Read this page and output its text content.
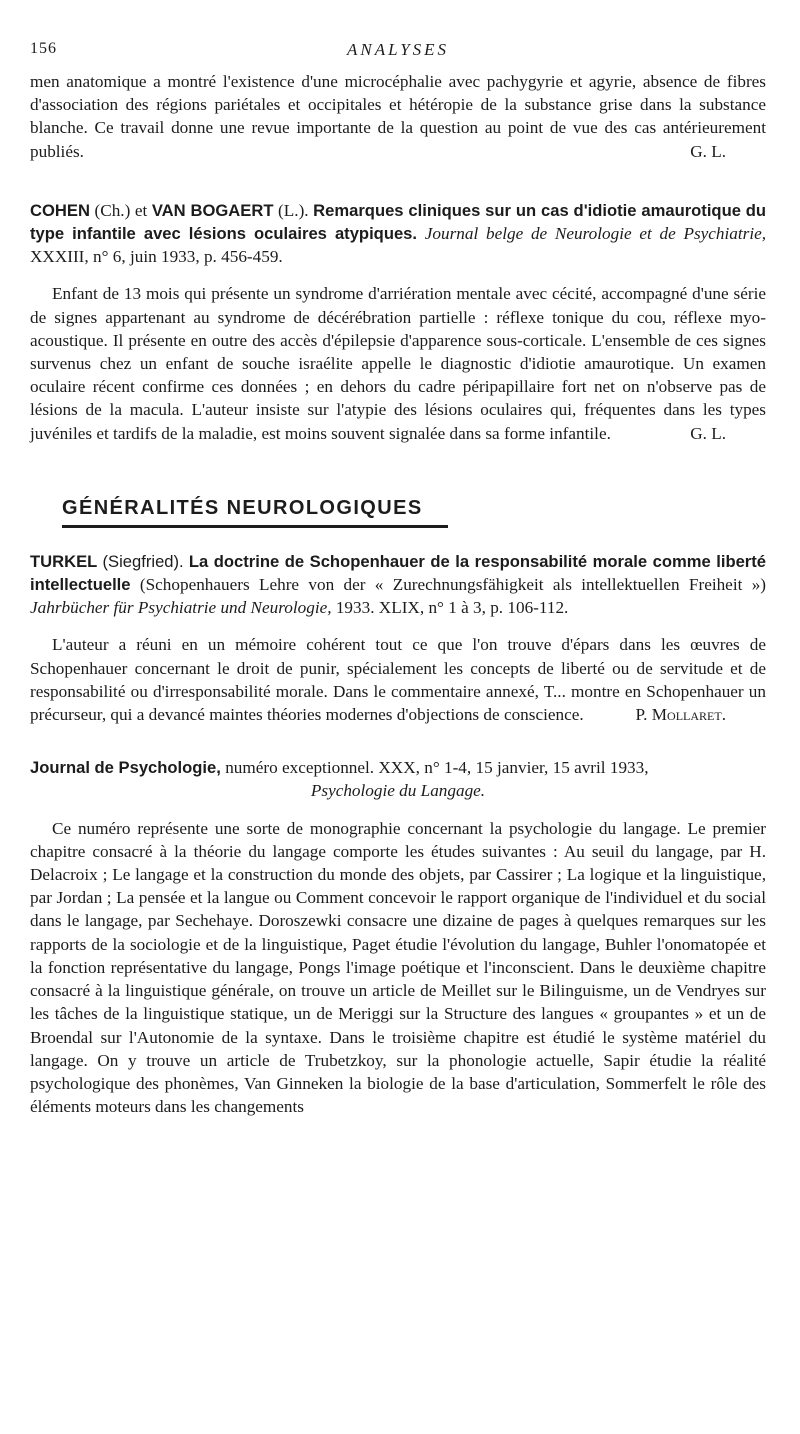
156	ANALYSES

men anatomique a montré l'existence d'une microcéphalie avec pachygyrie et agyrie, absence de fibres d'association des régions pariétales et occipitales et hétéropie de la substance grise dans la substance blanche. Ce travail donne une revue importante de la question au point de vue des cas antérieurement publiés.	G. L.

COHEN (Ch.) et VAN BOGAERT (L.). Remarques cliniques sur un cas d'idiotie amaurotique du type infantile avec lésions oculaires atypiques. Journal belge de Neurologie et de Psychiatrie, XXXIII, n° 6, juin 1933, p. 456-459.

Enfant de 13 mois qui présente un syndrome d'arriération mentale avec cécité, accompagné d'une série de signes appartenant au syndrome de décérébration partielle : réflexe tonique du cou, réflexe myo-acoustique. Il présente en outre des accès d'épilepsie d'apparence sous-corticale. L'ensemble de ces signes survenus chez un enfant de souche israélite appelle le diagnostic d'idiotie amaurotique. Un examen oculaire récent confirme ces données ; en dehors du cadre péripapillaire fort net on n'observe pas de lésions de la macula. L'auteur insiste sur l'atypie des lésions oculaires qui, fréquentes dans les types juvéniles et tardifs de la maladie, est moins souvent signalée dans sa forme infantile.	G. L.

GÉNÉRALITÉS NEUROLOGIQUES

TURKEL (Siegfried). La doctrine de Schopenhauer de la responsabilité morale comme liberté intellectuelle (Schopenhauers Lehre von der « Zurechnungsfähigkeit als intellektuellen Freiheit ») Jahrbücher für Psychiatrie und Neurologie, 1933. XLIX, n° 1 à 3, p. 106-112.

L'auteur a réuni en un mémoire cohérent tout ce que l'on trouve d'épars dans les œuvres de Schopenhauer concernant le droit de punir, spécialement les concepts de liberté ou de servitude et de responsabilité ou d'irresponsabilité morale. Dans le commentaire annexé, T... montre en Schopenhauer un précurseur, qui a devancé maintes théories modernes d'objections de conscience.	P. Mollaret.

Journal de Psychologie, numéro exceptionnel. XXX, n° 1-4, 15 janvier, 15 avril 1933,

Psychologie du Langage.

Ce numéro représente une sorte de monographie concernant la psychologie du langage. Le premier chapitre consacré à la théorie du langage comporte les études suivantes : Au seuil du langage, par H. Delacroix ; Le langage et la construction du monde des objets, par Cassirer ; La logique et la linguistique, par Jordan ; La pensée et la langue ou Comment concevoir le rapport organique de l'individuel et du social dans le langage, par Sechehaye. Doroszewki consacre une dizaine de pages à quelques remarques sur les rapports de la sociologie et de la linguistique, Paget étudie l'évolution du langage, Buhler l'onomatopée et la fonction représentative du langage, Pongs l'image poétique et l'inconscient. Dans le deuxième chapitre consacré à la linguistique générale, on trouve un article de Meillet sur le Bilinguisme, un de Vendryes sur les tâches de la linguistique statique, un de Meriggi sur la Structure des langues « groupantes » et un de Broendal sur l'Autonomie de la syntaxe. Dans le troisième chapitre est étudié le système matériel du langage. On y trouve un article de Trubetzkoy, sur la phonologie actuelle, Sapir étudie la réalité psychologique des phonèmes, Van Ginneken la biologie de la base d'articulation, Sommerfelt le rôle des éléments moteurs dans les changements
